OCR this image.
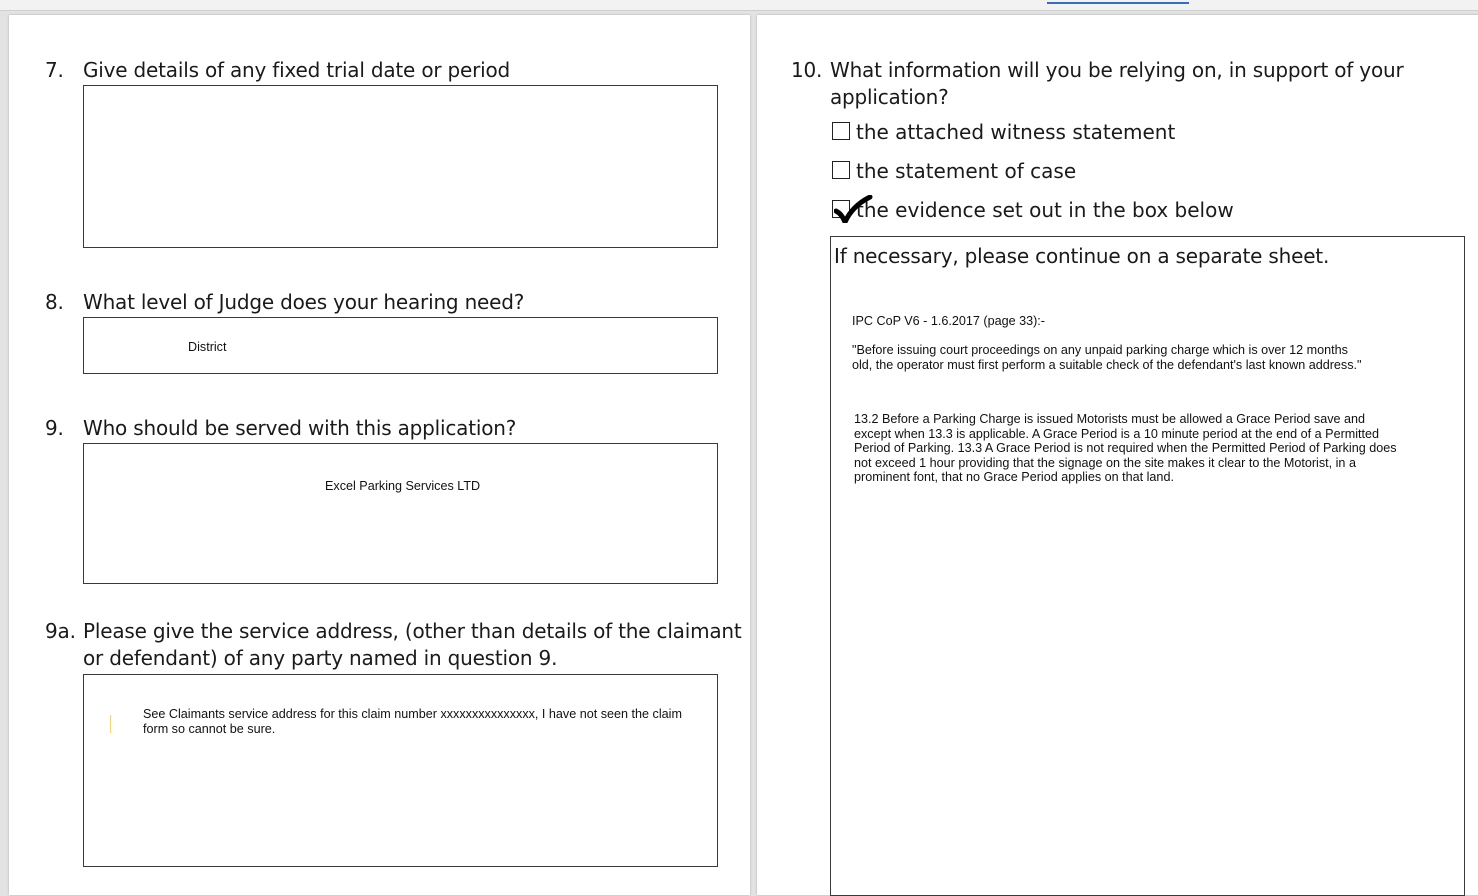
7. Give details of any fixed trial date or period
8. What level of Judge does your hearing need?
District
9. Who should be served with this application?
Excel Parking Services LTD
9a. Please give the service address, (other than details of the claimant
or defendant) of any party named in question 9.
See Claimants service address for this claim number xxxxxxxxxxxxxxx, I have not seen the claim
form so cannot be sure.
10. What information will you be relying on, in support of your
application?
the attached witness statement
the statement of case
the evidence set out in the box below
If necessary, please continue on a separate sheet.
IPC CoP V6 - 1.6.2017 (page 33):-
"Before issuing court proceedings on any unpaid parking charge which is over 12 months
old, the operator must first perform a suitable check of the defendant's last known address."
13.2 Before a Parking Charge is issued Motorists must be allowed a Grace Period save and
except when 13.3 is applicable. A Grace Period is a 10 minute period at the end of a Permitted
Period of Parking. 13.3 A Grace Period is not required when the Permitted Period of Parking does
not exceed 1 hour providing that the signage on the site makes it clear to the Motorist, in a
prominent font, that no Grace Period applies on that land.
